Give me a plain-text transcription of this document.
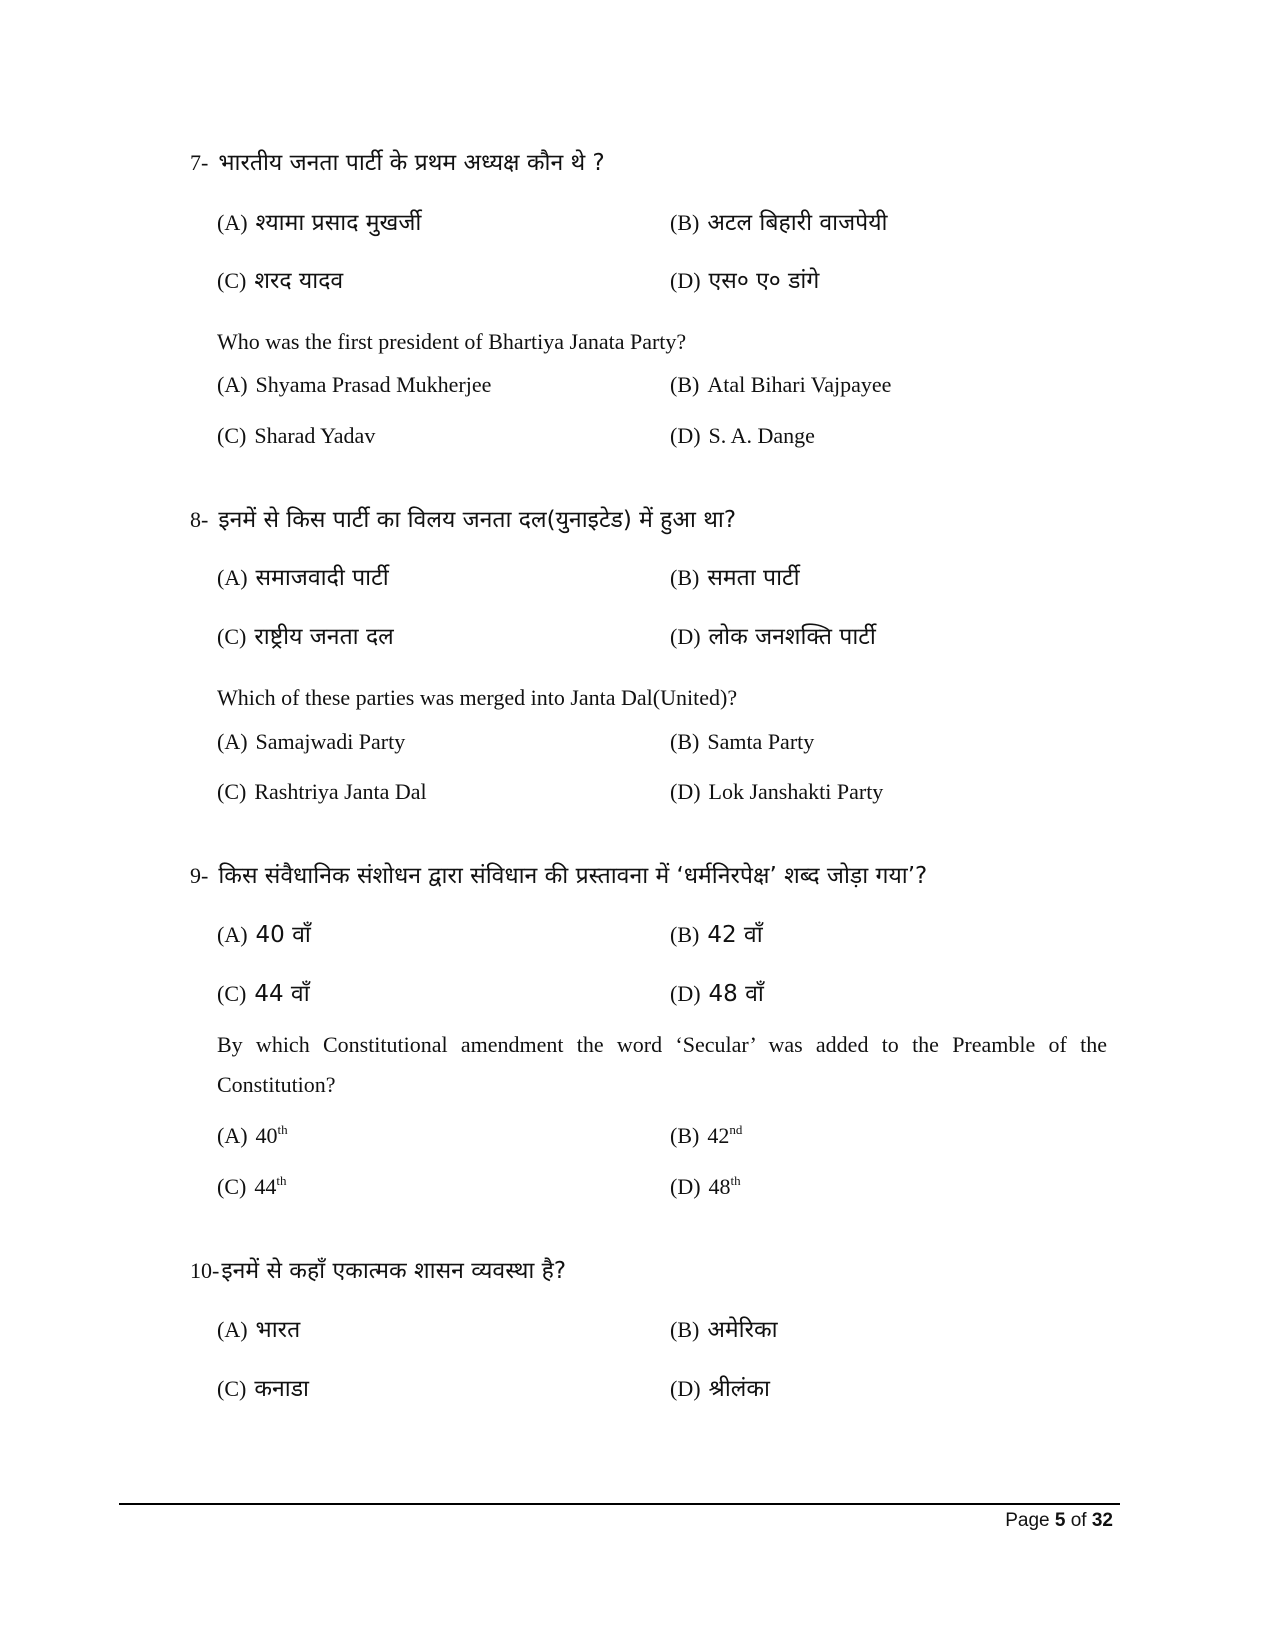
7- भारतीय जनता पार्टी के प्रथम अध्यक्ष कौन थे ?
(A) श्यामा प्रसाद मुखर्जी	(B) अटल बिहारी वाजपेयी
(C) शरद यादव	(D) एस० ए० डांगे
Who was the first president of Bhartiya Janata Party?
(A) Shyama Prasad Mukherjee	(B) Atal Bihari Vajpayee
(C) Sharad Yadav	(D) S. A. Dange
8- इनमें से किस पार्टी का विलय जनता दल(युनाइटेड) में हुआ था?
(A) समाजवादी पार्टी	(B) समता पार्टी
(C) राष्ट्रीय जनता दल	(D) लोक जनशक्ति पार्टी
Which of these parties was merged into Janta Dal(United)?
(A) Samajwadi Party	(B) Samta Party
(C) Rashtriya Janta Dal	(D) Lok Janshakti Party
9- किस संवैधानिक संशोधन द्वारा संविधान की प्रस्तावना में ‘धर्मनिरपेक्ष’ शब्द जोड़ा गया’?
(A) 40 वाँ	(B) 42 वाँ
(C) 44 वाँ	(D) 48 वाँ
By which Constitutional amendment the word ‘Secular’ was added to the Preamble of the Constitution?
(A) 40th	(B) 42nd
(C) 44th	(D) 48th
10-इनमें से कहाँ एकात्मक शासन व्यवस्था है?
(A) भारत	(B) अमेरिका
(C) कनाडा	(D) श्रीलंका
Page 5 of 32
